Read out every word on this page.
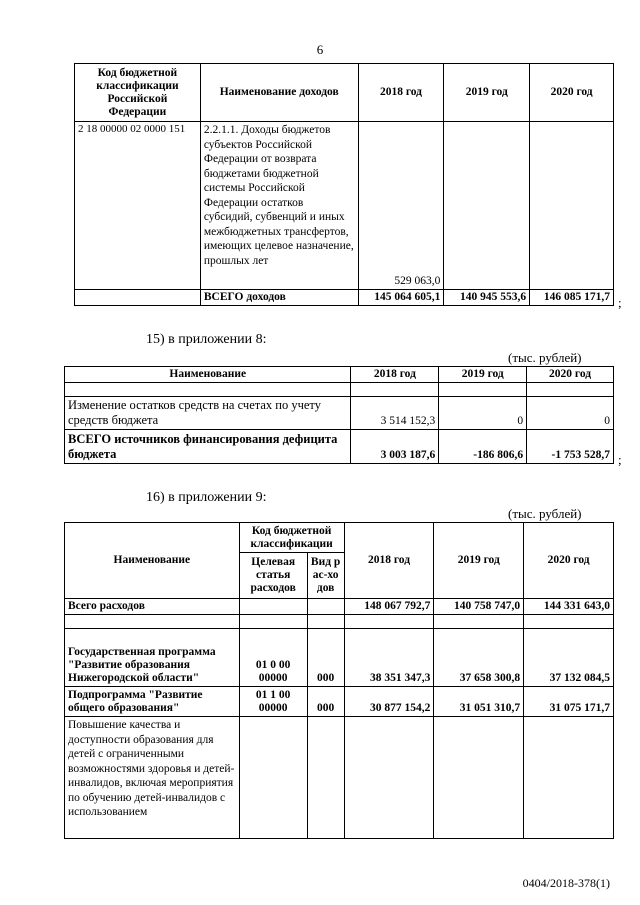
6
Код бюджетной классификации Российской Федерации	Наименование доходов	2018 год	2019 год	2020 год
2 18 00000 02 0000 151	2.2.1.1. Доходы бюджетов субъектов Российской Федерации от возврата бюджетами бюджетной системы Российской Федерации остатков субсидий, субвенций и иных межбюджетных трансфертов, имеющих целевое назначение, прошлых лет	529 063,0		
	ВСЕГО доходов	145 064 605,1	140 945 553,6	146 085 171,7 ;
15) в приложении 8:
(тыс. рублей)
Наименование	2018 год	2019 год	2020 год

Изменение остатков средств на счетах по учету средств бюджета	3 514 152,3	0	0
ВСЕГО источников финансирования дефицита бюджета	3 003 187,6	-186 806,6	-1 753 528,7 ;
16) в приложении 9:
(тыс. рублей)
Наименование	Код бюджетной классификации		2018 год	2019 год	2020 год
	Целевая статья расходов	Вид рас-ходов			
Всего расходов			148 067 792,7	140 758 747,0	144 331 643,0

Государственная программа "Развитие образования Нижегородской области"	01 0 00 00000	000	38 351 347,3	37 658 300,8	37 132 084,5
Подпрограмма "Развитие общего образования"	01 1 00 00000	000	30 877 154,2	31 051 310,7	31 075 171,7
Повышение качества и доступности образования для детей с ограниченными возможностями здоровья и детей-инвалидов, включая мероприятия по обучению детей-инвалидов с использованием					
0404/2018-378(1)
